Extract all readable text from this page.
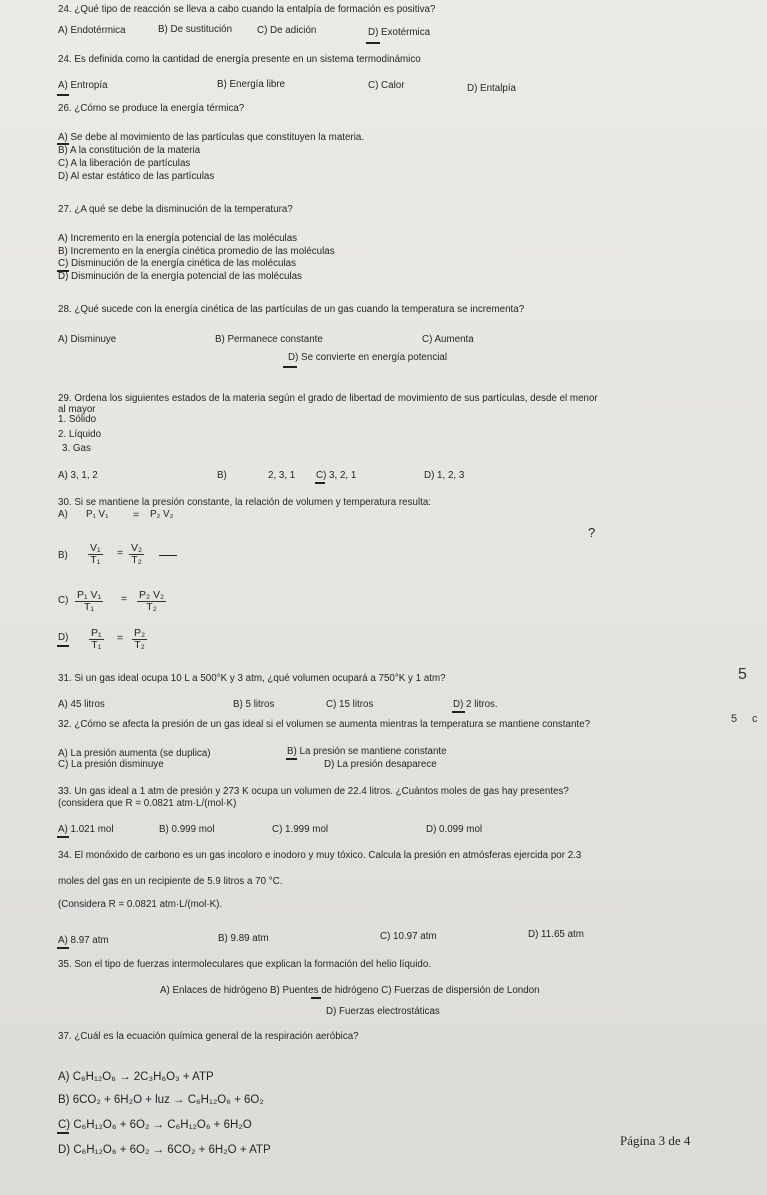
24. ¿Qué tipo de reacción se lleva a cabo cuando la entalpía de formación es positiva?
A) Endotérmica	B) De sustitución	C) De adición	D) Exotérmica
24. Es definida como la cantidad de energía presente en un sistema termodinámico
A) Entropía	B) Energía libre	C) Calor	D) Entalpía
26. ¿Cómo se produce la energía térmica?
A) Se debe al movimiento de las partículas que constituyen la materia.
B) A la constitución de la materia
C) A la liberación de partículas
D) Al estar estático de las partículas
27. ¿A qué se debe la disminución de la temperatura?
A) Incremento en la energía potencial de las moléculas
B) Incremento en la energía cinética promedio de las moléculas
C) Disminución de la energía cinética de las moléculas
D) Disminución de la energía potencial de las moléculas
28. ¿Qué sucede con la energía cinética de las partículas de un gas cuando la temperatura se incrementa?
A) Disminuye	B) Permanece constante	C) Aumenta
D) Se convierte en energía potencial
29. Ordena los siguientes estados de la materia según el grado de libertad de movimiento de sus partículas, desde el menor
al mayor
1. Sólido
2. Líquido
3. Gas
A) 3, 1, 2	B)	2, 3, 1 C) 3, 2, 1	D) 1, 2, 3
30. Si se mantiene la presión constante, la relación de volumen y temperatura resulta:
A) P₁ V₁ = P₂ V₂
?
$B) \frac{\text{V₁}}{\text{T₁}} = \frac{\text{V₂}}{\text{T₂}}$
$C) \frac{\text{P₁ V₁}}{\text{T₁}} = \frac{\text{P₂ V₂}}{\text{T₂}}$
$D) \frac{\text{P₁}}{\text{T₁}} = \frac{\text{P₂}}{\text{T₂}}$
31. Si un gas ideal ocupa 10 L a 500°K y 3 atm, ¿qué volumen ocupará a 750°K y 1 atm?
A) 45 litros	B) 5 litros	C) 15 litros	D) 2 litros.
32. ¿Cómo se afecta la presión de un gas ideal si el volumen se aumenta mientras la temperatura se mantiene constante?
A) La presión aumenta (se duplica)	B) La presión se mantiene constante
C) La presión disminuye	D) La presión desaparece
33. Un gas ideal a 1 atm de presión y 273 K ocupa un volumen de 22.4 litros. ¿Cuántos moles de gas hay presentes?
(considera que R = 0.0821 atm·L/(mol·K)
A) 1.021 mol	B) 0.999 mol	C) 1.999 mol	D) 0.099 mol
34. El monóxido de carbono es un gas incoloro e inodoro y muy tóxico. Calcula la presión en atmósferas ejercida por 2.3
moles del gas en un recipiente de 5.9 litros a 70 °C.
(Considera R = 0.0821 atm·L/(mol·K).
A) 8.97 atm	B) 9.89 atm	C) 10.97 atm	D) 11.65 atm
35. Son el tipo de fuerzas intermoleculares que explican la formación del helio líquido.
A) Enlaces de hidrógeno B) Puentes de hidrógeno C) Fuerzas de dispersión de London
D) Fuerzas electrostáticas
37. ¿Cuál es la ecuación química general de la respiración aeróbica?
A) C₆H₁₂O₆ → 2C₃H₆O₃ + ATP
B) 6CO₂ + 6H₂O + luz → C₆H₁₂O₆ + 6O₂
C) C₆H₁₂O₆ + 6O₂ → C₆H₁₂O₆ + 6H₂O
D) C₆H₁₂O₆ + 6O₂ → 6CO₂ + 6H₂O + ATP
Página 3 de 4
5
5 c
